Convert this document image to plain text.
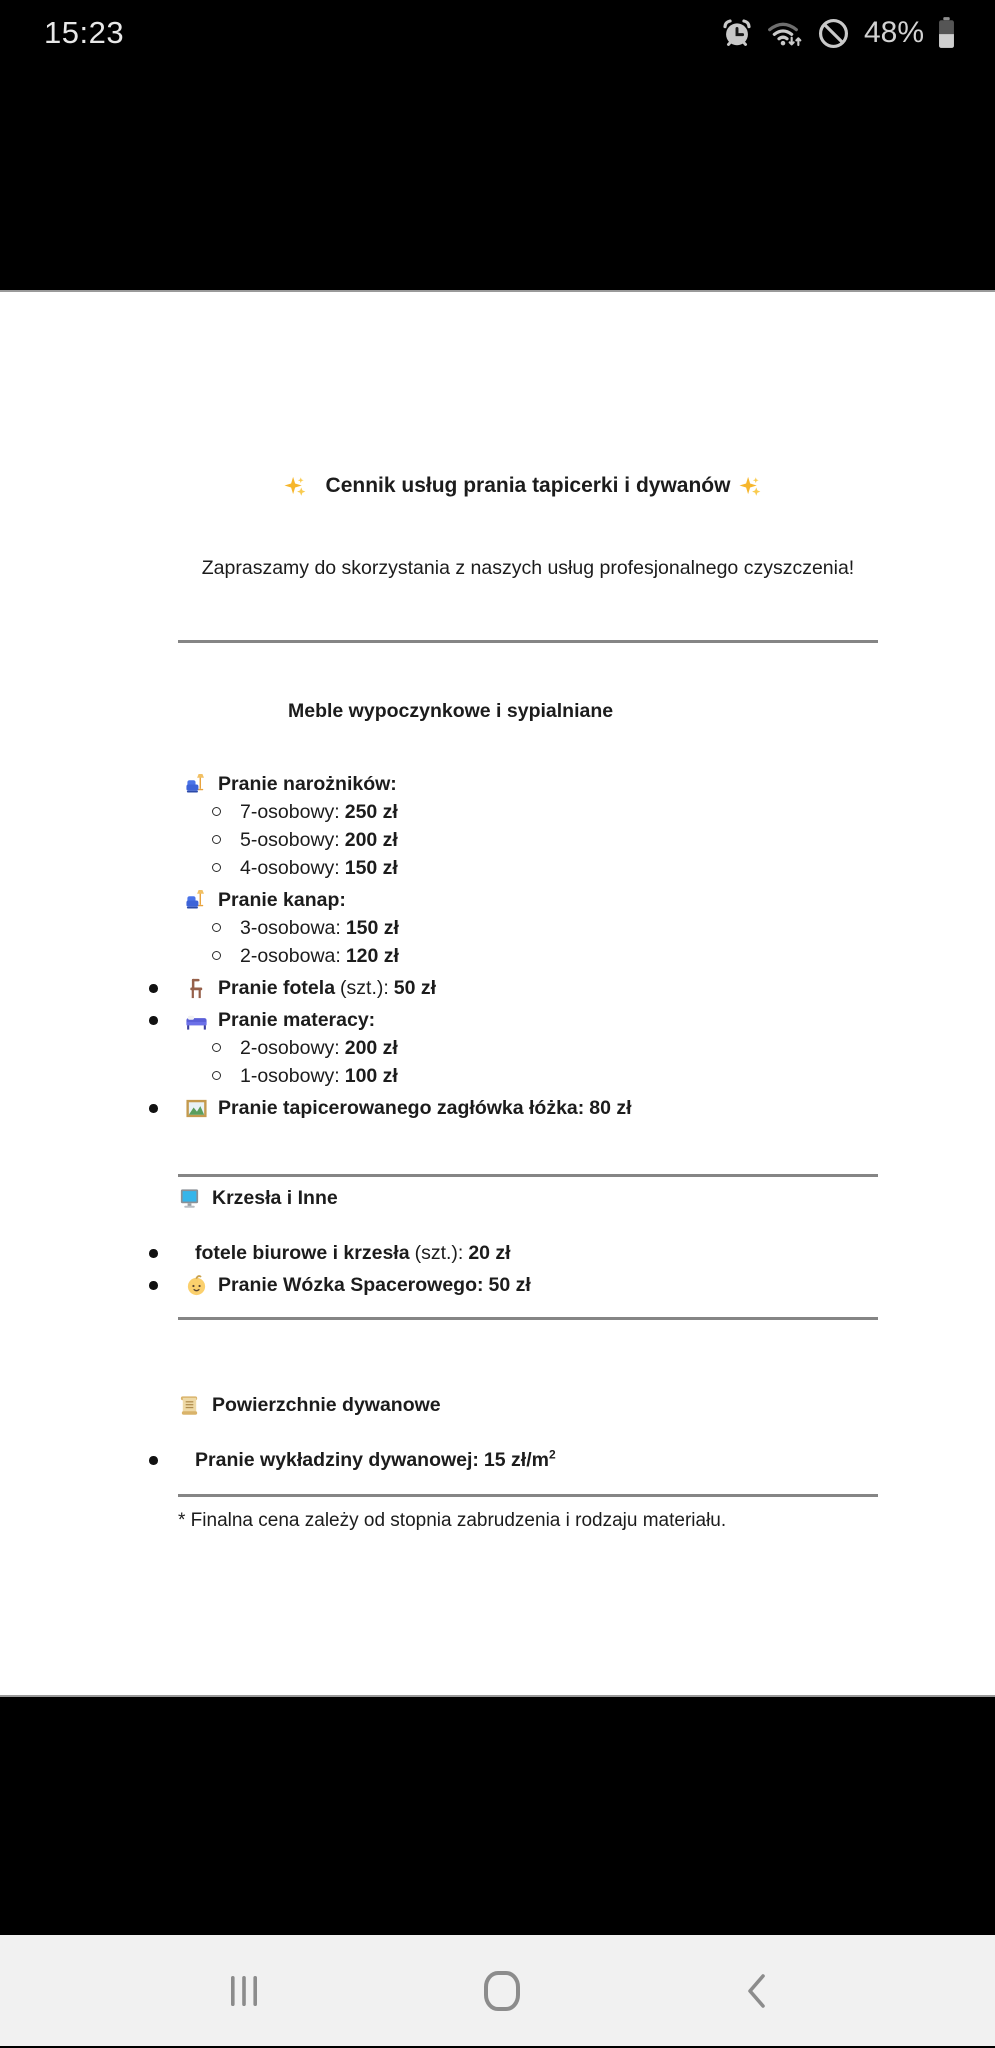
15:23	48%
Cennik usług prania tapicerki i dywanów

Zapraszamy do skorzystania z naszych usług profesjonalnego czyszczenia!

Meble wypoczynkowe i sypialniane
Pranie narożników:
7-osobowy: 250 zł
5-osobowy: 200 zł
4-osobowy: 150 zł
Pranie kanap:
3-osobowa: 150 zł
2-osobowa: 120 zł
Pranie fotela (szt.): 50 zł
Pranie materacy:
2-osobowy: 200 zł
1-osobowy: 100 zł
Pranie tapicerowanego zagłówka łóżka: 80 zł
Krzesła i Inne
fotele biurowe i krzesła (szt.): 20 zł
Pranie Wózka Spacerowego: 50 zł
Powierzchnie dywanowe
Pranie wykładziny dywanowej: 15 $zł/m^2$

* Finalna cena zależy od stopnia zabrudzenia i rodzaju materiału.
